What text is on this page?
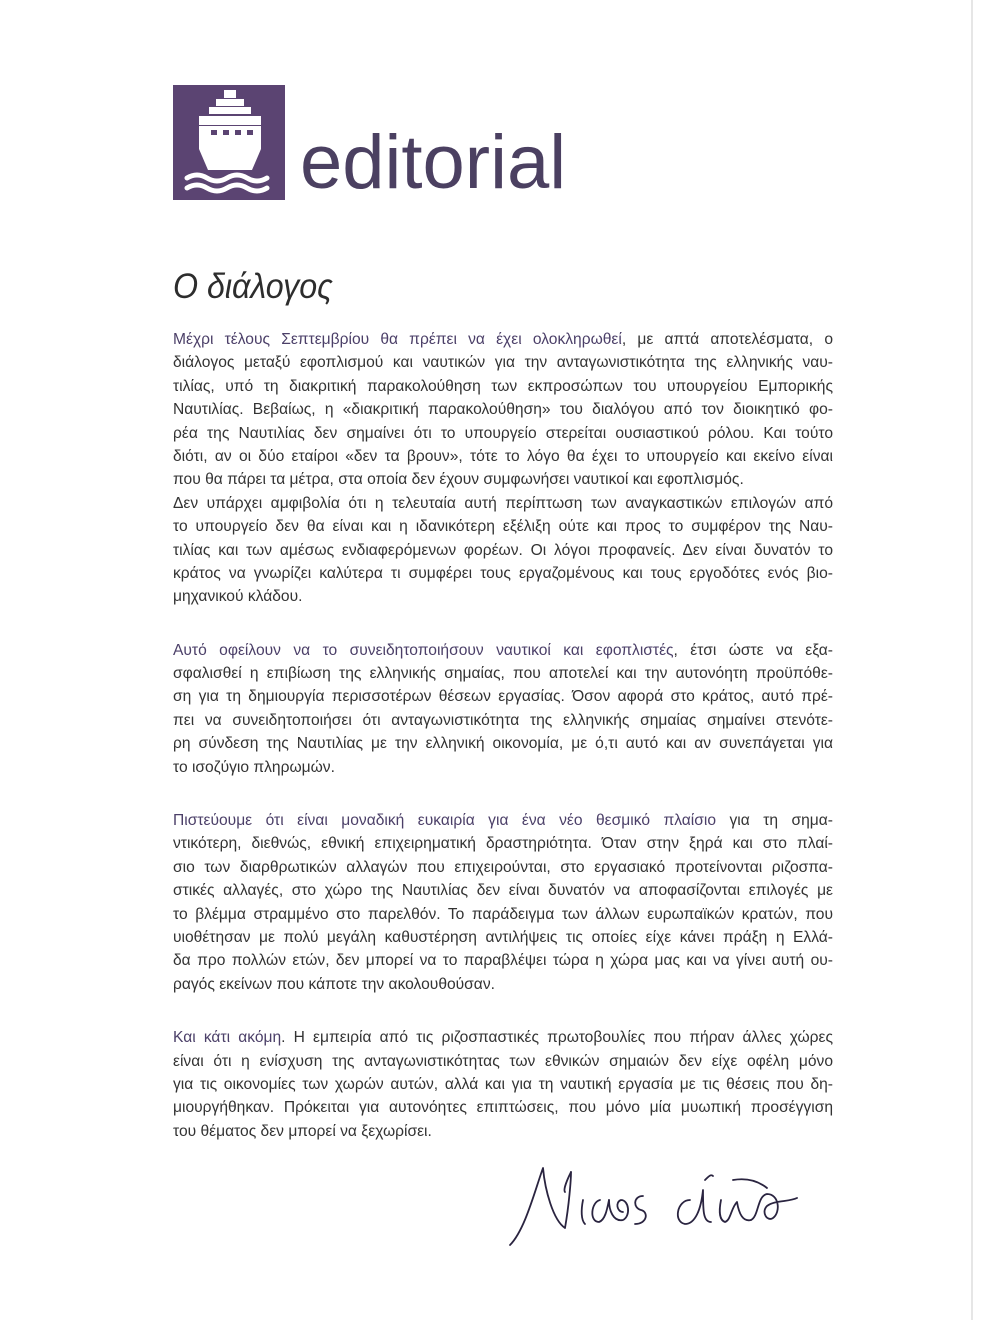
editorial
Ο διάλογος
Μέχρι τέλους Σεπτεμβρίου θα πρέπει να έχει ολοκληρωθεί, με απτά αποτελέσματα, ο
διάλογος μεταξύ εφοπλισμού και ναυτικών για την ανταγωνιστικότητα της ελληνικής ναυ-
τιλίας, υπό τη διακριτική παρακολούθηση των εκπροσώπων του υπουργείου Εμπορικής
Ναυτιλίας. Βεβαίως, η «διακριτική παρακολούθηση» του διαλόγου από τον διοικητικό φο-
ρέα της Ναυτιλίας δεν σημαίνει ότι το υπουργείο στερείται ουσιαστικού ρόλου. Και τούτο
διότι, αν οι δύο εταίροι «δεν τα βρουν», τότε το λόγο θα έχει το υπουργείο και εκείνο είναι
που θα πάρει τα μέτρα, στα οποία δεν έχουν συμφωνήσει ναυτικοί και εφοπλισμός.
Δεν υπάρχει αμφιβολία ότι η τελευταία αυτή περίπτωση των αναγκαστικών επιλογών από
το υπουργείο δεν θα είναι και η ιδανικότερη εξέλιξη ούτε και προς το συμφέρον της Ναυ-
τιλίας και των αμέσως ενδιαφερόμενων φορέων. Οι λόγοι προφανείς. Δεν είναι δυνατόν το
κράτος να γνωρίζει καλύτερα τι συμφέρει τους εργαζομένους και τους εργοδότες ενός βιο-
μηχανικού κλάδου.
Αυτό οφείλουν να το συνειδητοποιήσουν ναυτικοί και εφοπλιστές, έτσι ώστε να εξα-
σφαλισθεί η επιβίωση της ελληνικής σημαίας, που αποτελεί και την αυτονόητη προϋπόθε-
ση για τη δημιουργία περισσοτέρων θέσεων εργασίας. Όσον αφορά στο κράτος, αυτό πρέ-
πει να συνειδητοποιήσει ότι ανταγωνιστικότητα της ελληνικής σημαίας σημαίνει στενότε-
ρη σύνδεση της Ναυτιλίας με την ελληνική οικονομία, με ό,τι αυτό και αν συνεπάγεται για
το ισοζύγιο πληρωμών.
Πιστεύουμε ότι είναι μοναδική ευκαιρία για ένα νέο θεσμικό πλαίσιο για τη σημα-
ντικότερη, διεθνώς, εθνική επιχειρηματική δραστηριότητα. Όταν στην ξηρά και στο πλαί-
σιο των διαρθρωτικών αλλαγών που επιχειρούνται, στο εργασιακό προτείνονται ριζοσπα-
στικές αλλαγές, στο χώρο της Ναυτιλίας δεν είναι δυνατόν να αποφασίζονται επιλογές με
το βλέμμα στραμμένο στο παρελθόν. Το παράδειγμα των άλλων ευρωπαϊκών κρατών, που
υιοθέτησαν με πολύ μεγάλη καθυστέρηση αντιλήψεις τις οποίες είχε κάνει πράξη η Ελλά-
δα προ πολλών ετών, δεν μπορεί να το παραβλέψει τώρα η χώρα μας και να γίνει αυτή ου-
ραγός εκείνων που κάποτε την ακολουθούσαν.
Και κάτι ακόμη. Η εμπειρία από τις ριζοσπαστικές πρωτοβουλίες που πήραν άλλες χώρες
είναι ότι η ενίσχυση της ανταγωνιστικότητας των εθνικών σημαιών δεν είχε οφέλη μόνο
για τις οικονομίες των χωρών αυτών, αλλά και για τη ναυτική εργασία με τις θέσεις που δη-
μιουργήθηκαν. Πρόκειται για αυτονόητες επιπτώσεις, που μόνο μία μυωπική προσέγγιση
του θέματος δεν μπορεί να ξεχωρίσει.
